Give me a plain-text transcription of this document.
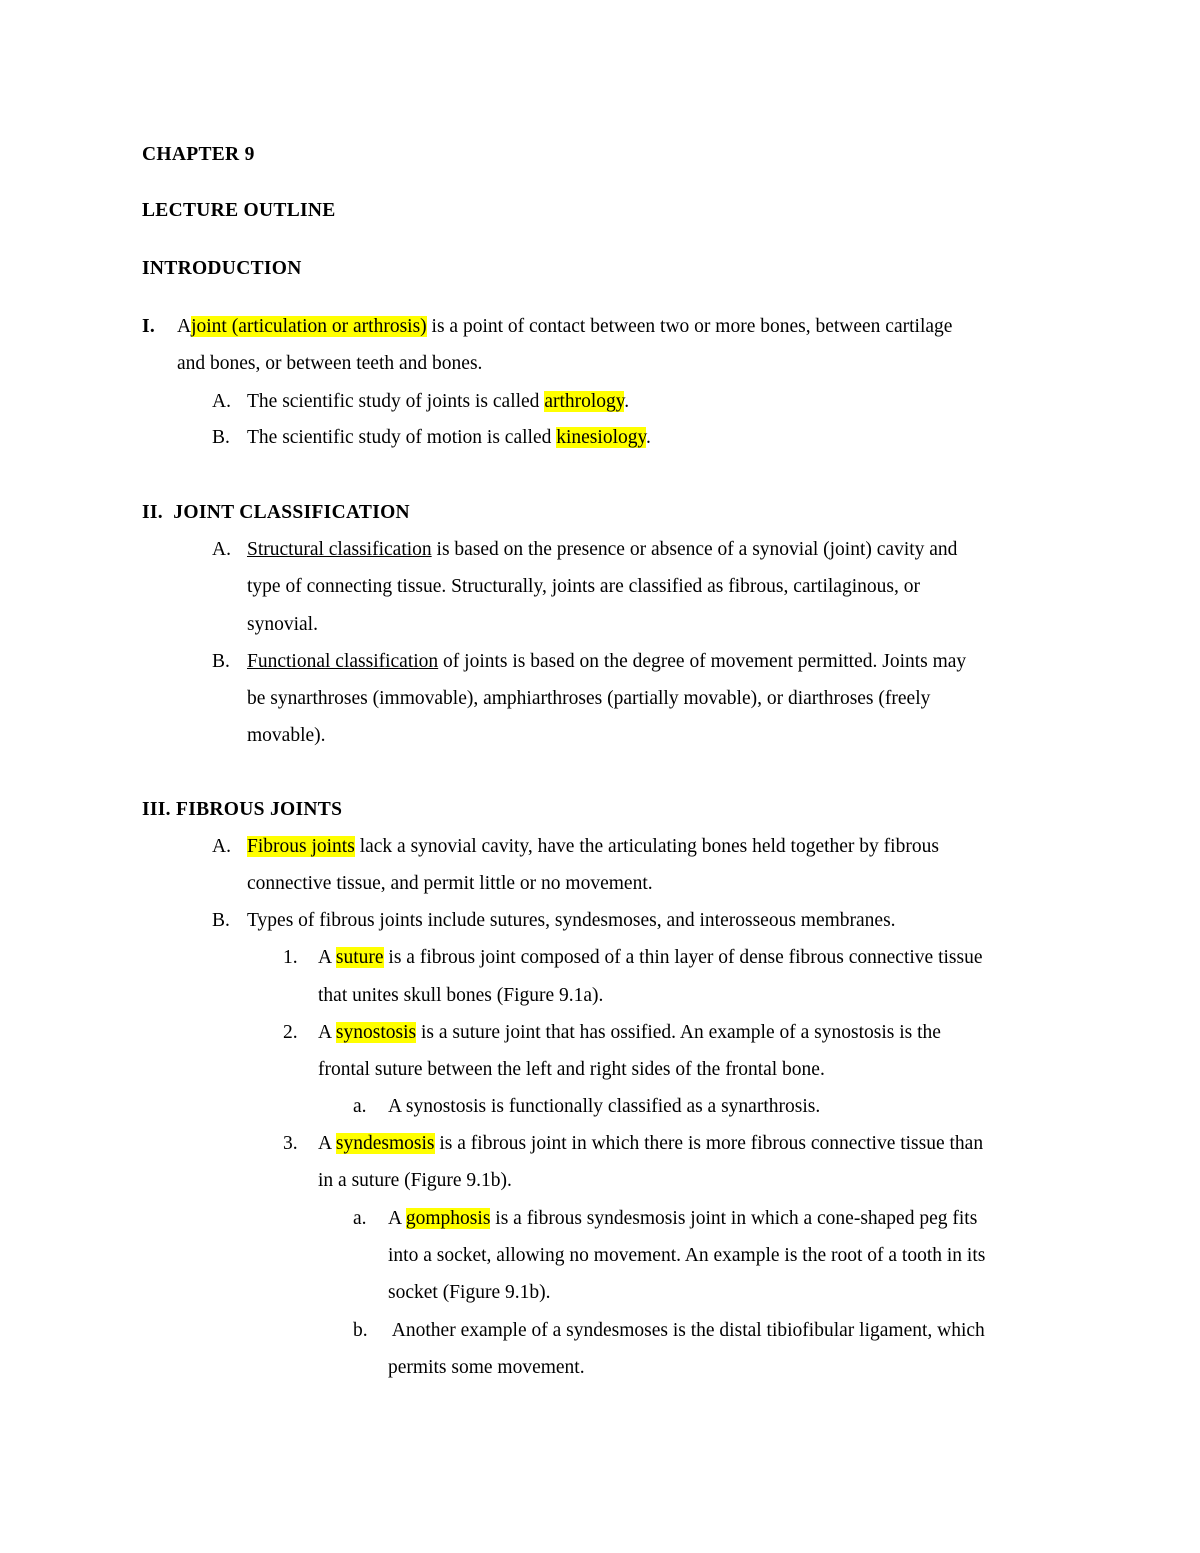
CHAPTER 9
LECTURE OUTLINE
INTRODUCTION
I. Ajoint (articulation or arthrosis) is a point of contact between two or more bones, between cartilage
and bones, or between teeth and bones.
A. The scientific study of joints is called arthrology.
B. The scientific study of motion is called kinesiology.
II.  JOINT CLASSIFICATION
A. Structural classification is based on the presence or absence of a synovial (joint) cavity and
type of connecting tissue. Structurally, joints are classified as fibrous, cartilaginous, or
synovial.
B. Functional classification of joints is based on the degree of movement permitted. Joints may
be synarthroses (immovable), amphiarthroses (partially movable), or diarthroses (freely
movable).
III. FIBROUS JOINTS
A. Fibrous joints lack a synovial cavity, have the articulating bones held together by fibrous
connective tissue, and permit little or no movement.
B. Types of fibrous joints include sutures, syndesmoses, and interosseous membranes.
1. A suture is a fibrous joint composed of a thin layer of dense fibrous connective tissue
that unites skull bones (Figure 9.1a).
2. A synostosis is a suture joint that has ossified. An example of a synostosis is the
frontal suture between the left and right sides of the frontal bone.
a. A synostosis is functionally classified as a synarthrosis.
3. A syndesmosis is a fibrous joint in which there is more fibrous connective tissue than
in a suture (Figure 9.1b).
a. A gomphosis is a fibrous syndesmosis joint in which a cone-shaped peg fits
into a socket, allowing no movement. An example is the root of a tooth in its
socket (Figure 9.1b).
b. Another example of a syndesmoses is the distal tibiofibular ligament, which
permits some movement.
